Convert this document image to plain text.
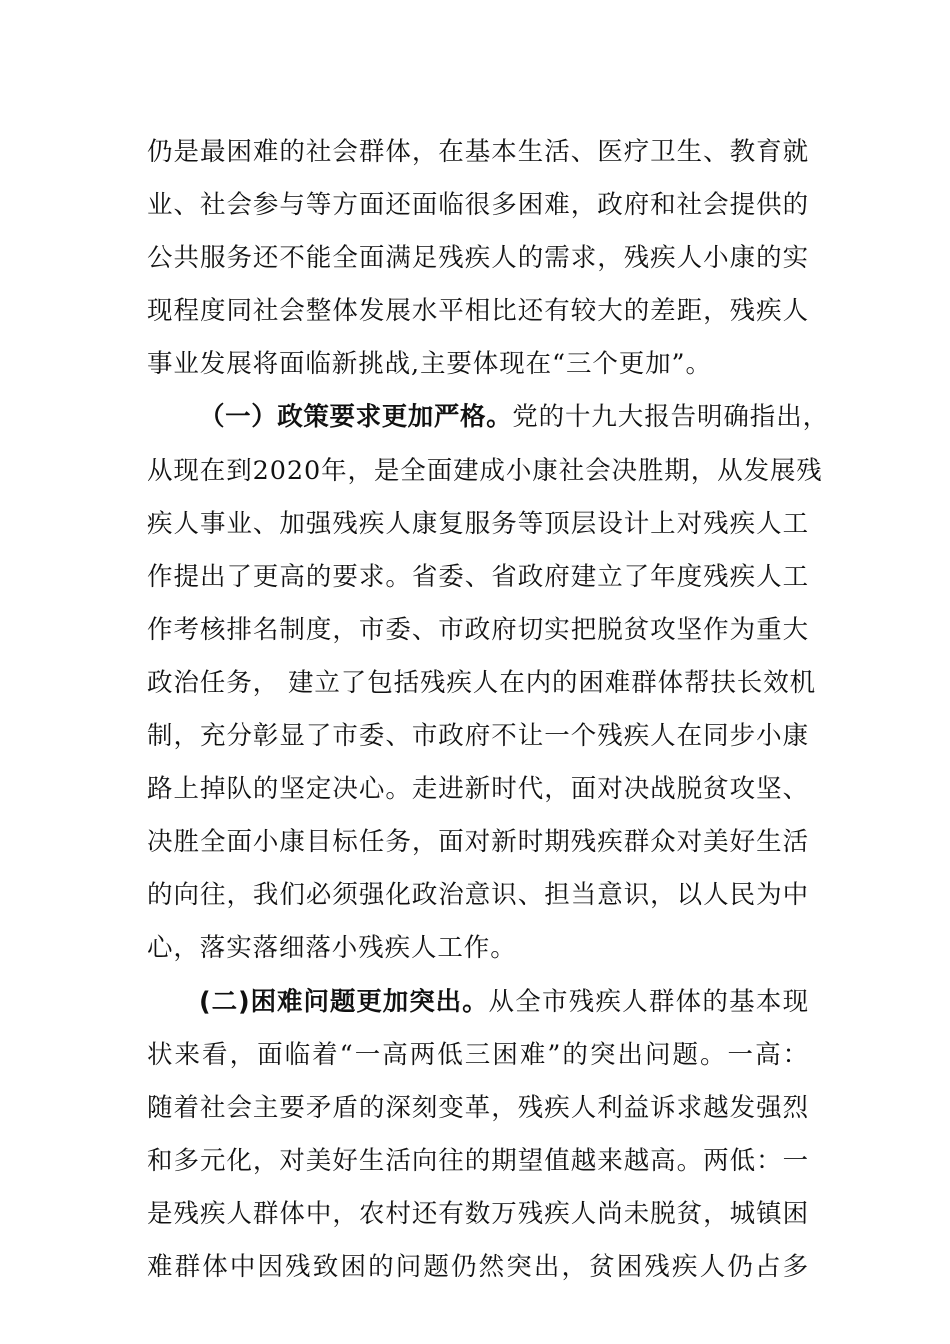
仍是最困难的社会群体，在基本生活、医疗卫生、教育就
业、社会参与等方面还面临很多困难，政府和社会提供的
公共服务还不能全面满足残疾人的需求，残疾人小康的实
现程度同社会整体发展水平相比还有较大的差距，残疾人
事业发展将面临新挑战,主要体现在“三个更加”。
（一）政策要求更加严格。党的十九大报告明确指出，
从现在到2020年，是全面建成小康社会决胜期，从发展残
疾人事业、加强残疾人康复服务等顶层设计上对残疾人工
作提出了更高的要求。省委、省政府建立了年度残疾人工
作考核排名制度，市委、市政府切实把脱贫攻坚作为重大
政治任务， 建立了包括残疾人在内的困难群体帮扶长效机
制，充分彰显了市委、市政府不让一个残疾人在同步小康
路上掉队的坚定决心。走进新时代，面对决战脱贫攻坚、
决胜全面小康目标任务，面对新时期残疾群众对美好生活
的向往，我们必须强化政治意识、担当意识，以人民为中
心，落实落细落小残疾人工作。
(二)困难问题更加突出。从全市残疾人群体的基本现
状来看，面临着“一高两低三困难”的突出问题。一高：
随着社会主要矛盾的深刻变革，残疾人利益诉求越发强烈
和多元化，对美好生活向往的期望值越来越高。两低：一
是残疾人群体中，农村还有数万残疾人尚未脱贫，城镇困
难群体中因残致困的问题仍然突出，贫困残疾人仍占多
